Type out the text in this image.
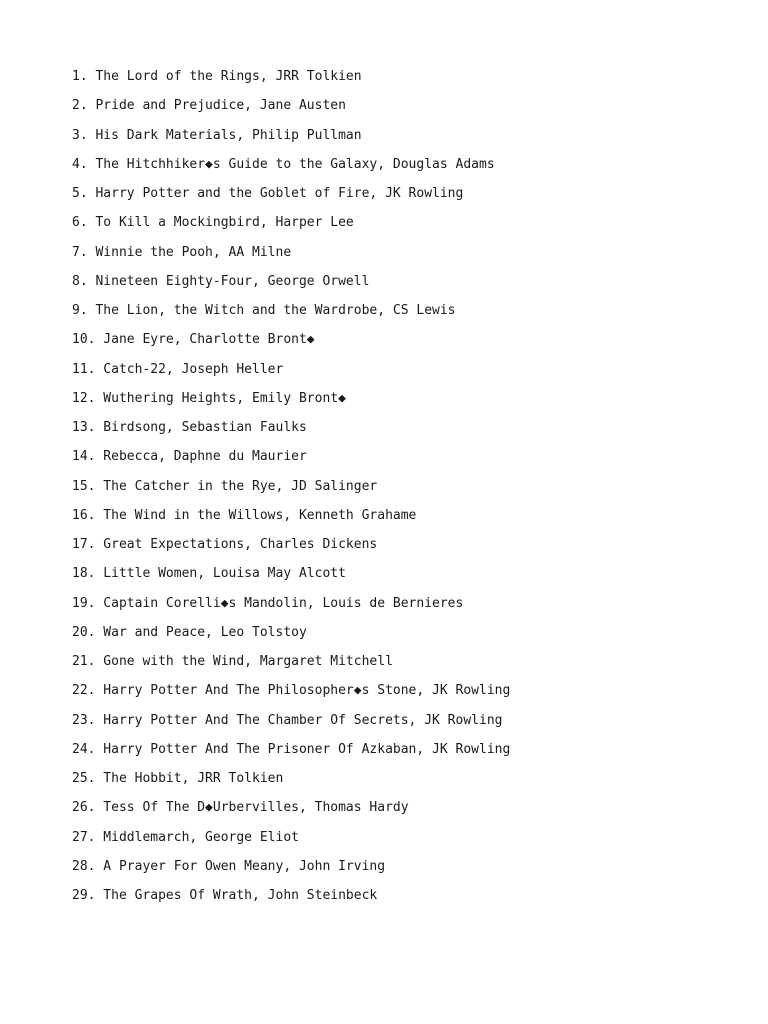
1. The Lord of the Rings, JRR Tolkien
2. Pride and Prejudice, Jane Austen
3. His Dark Materials, Philip Pullman
4. The Hitchhiker◆s Guide to the Galaxy, Douglas Adams
5. Harry Potter and the Goblet of Fire, JK Rowling
6. To Kill a Mockingbird, Harper Lee
7. Winnie the Pooh, AA Milne
8. Nineteen Eighty-Four, George Orwell
9. The Lion, the Witch and the Wardrobe, CS Lewis
10. Jane Eyre, Charlotte Bront◆
11. Catch-22, Joseph Heller
12. Wuthering Heights, Emily Bront◆
13. Birdsong, Sebastian Faulks
14. Rebecca, Daphne du Maurier
15. The Catcher in the Rye, JD Salinger
16. The Wind in the Willows, Kenneth Grahame
17. Great Expectations, Charles Dickens
18. Little Women, Louisa May Alcott
19. Captain Corelli◆s Mandolin, Louis de Bernieres
20. War and Peace, Leo Tolstoy
21. Gone with the Wind, Margaret Mitchell
22. Harry Potter And The Philosopher◆s Stone, JK Rowling
23. Harry Potter And The Chamber Of Secrets, JK Rowling
24. Harry Potter And The Prisoner Of Azkaban, JK Rowling
25. The Hobbit, JRR Tolkien
26. Tess Of The D◆Urbervilles, Thomas Hardy
27. Middlemarch, George Eliot
28. A Prayer For Owen Meany, John Irving
29. The Grapes Of Wrath, John Steinbeck
